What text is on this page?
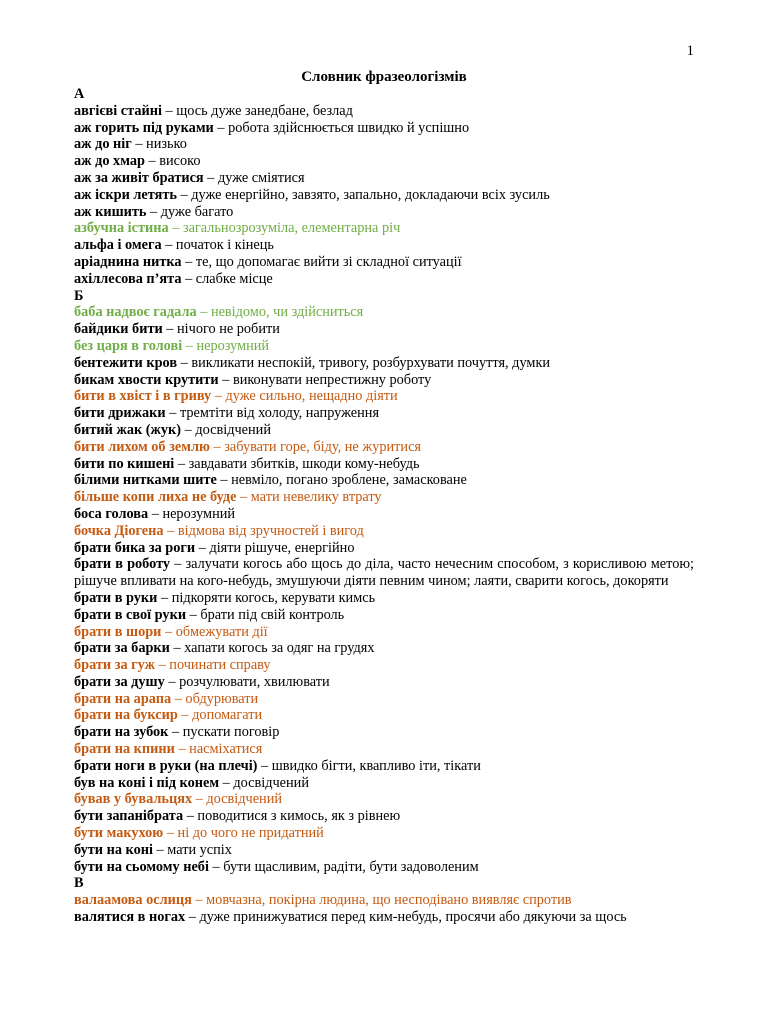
1
Словник фразеологізмів
А
авгієві стайні – щось дуже занедбане, безлад
аж горить під руками – робота здійснюється швидко й успішно
аж до ніг – низько
аж до хмар – високо
аж за живіт братися – дуже сміятися
аж іскри летять – дуже енергійно, завзято, запально, докладаючи всіх зусиль
аж кишить – дуже багато
азбучна істина – загальнозрозуміла, елементарна річ
альфа і омега – початок і кінець
аріаднина нитка – те, що допомагає вийти зі складної ситуації
ахіллесова п’ята – слабке місце
Б
баба надвоє гадала – невідомо, чи здійсниться
байдики бити – нічого не робити
без царя в голові – нерозумний
бентежити кров – викликати неспокій, тривогу, розбурхувати почуття, думки
бикам хвости крутити – виконувати непрестижну роботу
бити в хвіст і в гриву – дуже сильно, нещадно діяти
бити дрижаки – тремтіти від холоду, напруження
битий жак (жук) – досвідчений
бити лихом об землю – забувати горе, біду, не журитися
бити по кишені – завдавати збитків, шкоди кому-небудь
білими нитками шите – невміло, погано зроблене, замасковане
більше копи лиха не буде – мати невелику втрату
боса голова – нерозумний
бочка Діогена – відмова від зручностей і вигод
брати бика за роги – діяти рішуче, енергійно
брати в роботу – залучати когось або щось до діла, часто нечесним способом, з корисливою метою; рішуче впливати на кого-небудь, змушуючи діяти певним чином; лаяти, сварити когось, докоряти
брати в руки – підкоряти когось, керувати кимсь
брати в свої руки – брати під свій контроль
брати в шори – обмежувати дії
брати за барки – хапати когось за одяг на грудях
брати за гуж – починати справу
брати за душу – розчулювати, хвилювати
брати на арапа – обдурювати
брати на буксир – допомагати
брати на зубок – пускати поговір
брати на кпини – насміхатися
брати ноги в руки (на плечі) – швидко бігти, квапливо іти, тікати
був на коні і під конем – досвідчений
бував у бувальцях – досвідчений
бути запанібрата – поводитися з кимось, як з рівнею
бути макухою – ні до чого не придатний
бути на коні – мати успіх
бути на сьомому небі – бути щасливим, радіти, бути задоволеним
В
валаамова ослиця – мовчазна, покірна людина, що несподівано виявляє спротив
валятися в ногах – дуже принижуватися перед ким-небудь, просячи або дякуючи за щось
